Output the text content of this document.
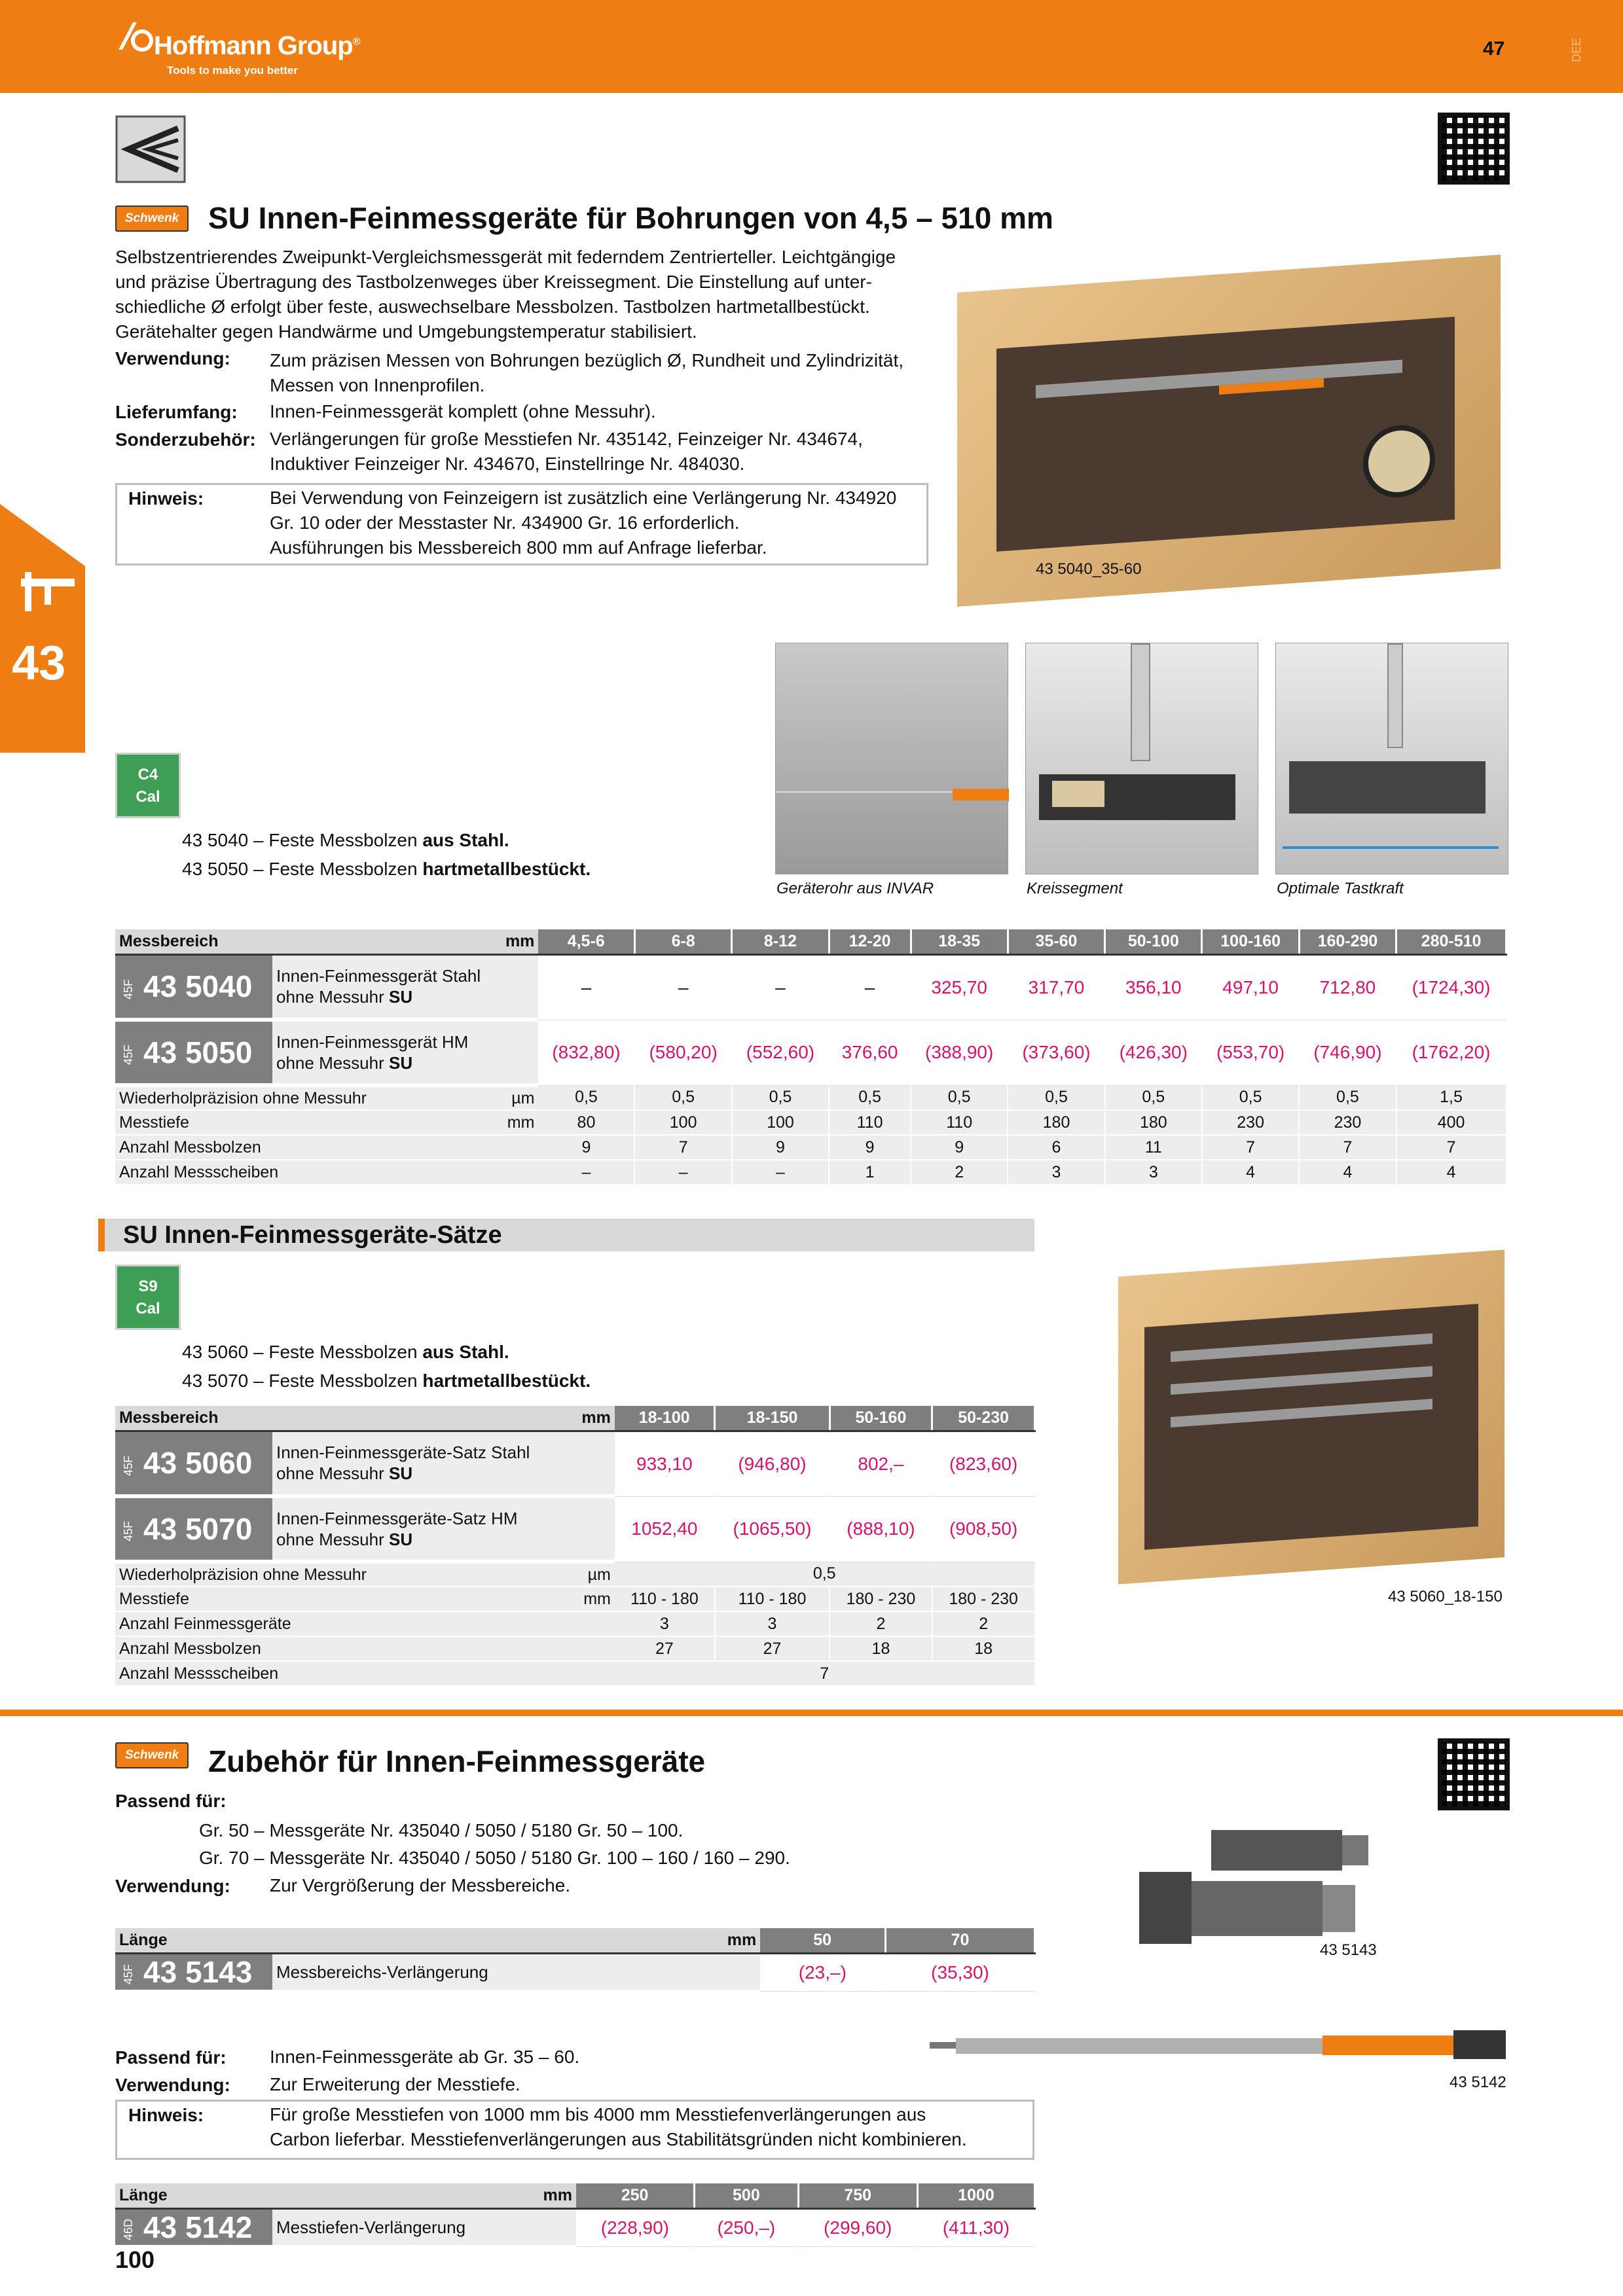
Hoffmann Group®
Tools to make you better
47	DEE
43
Schwenk SU Innen-Feinmessgeräte für Bohrungen von 4,5 – 510 mm
Selbstzentrierendes Zweipunkt-Vergleichsmessgerät mit federndem Zentrierteller. Leichtgängige
und präzise Übertragung des Tastbolzenweges über Kreissegment. Die Einstellung auf unter-
schiedliche Ø erfolgt über feste, auswechselbare Messbolzen. Tastbolzen hartmetallbestückt.
Gerätehalter gegen Handwärme und Umgebungstemperatur stabilisiert.
Verwendung: Zum präzisen Messen von Bohrungen bezüglich Ø, Rundheit und Zylindrizität,
Messen von Innenprofilen.
Lieferumfang: Innen-Feinmessgerät komplett (ohne Messuhr).
Sonderzubehör: Verlängerungen für große Messtiefen Nr. 435142, Feinzeiger Nr. 434674,
Induktiver Feinzeiger Nr. 434670, Einstellringe Nr. 484030.
Hinweis:	Bei Verwendung von Feinzeigern ist zusätzlich eine Verlängerung Nr. 434920
Gr. 10 oder der Messtaster Nr. 434900 Gr. 16 erforderlich.
Ausführungen bis Messbereich 800 mm auf Anfrage lieferbar.
43 5040_35-60
Geräterohr aus INVAR	Kreissegment	Optimale Tastkraft
C4
Cal
43 5040 – Feste Messbolzen aus Stahl.
43 5050 – Feste Messbolzen hartmetallbestückt.
Messbereich		mm	4,5-6	6-8	8-12	12-20	18-35	35-60	50-100	100-160	160-290	280-510
45F 43 5040	Innen-Feinmessgerät Stahl
ohne Messuhr SU		–	–	–	–	325,70	317,70	356,10	497,10	712,80	(1724,30)
45F 43 5050	Innen-Feinmessgerät HM
ohne Messuhr SU		(832,80)	(580,20)	(552,60)	376,60	(388,90)	(373,60)	(426,30)	(553,70)	(746,90)	(1762,20)
Wiederholpräzision ohne Messuhr		µm	0,5	0,5	0,5	0,5	0,5	0,5	0,5	0,5	0,5	1,5
Messtiefe		mm	80	100	100	110	110	180	180	230	230	400
Anzahl Messbolzen			9	7	9	9	9	6	11	7	7	7
Anzahl Messscheiben			–	–	–	1	2	3	3	4	4	4
SU Innen-Feinmessgeräte-Sätze
S9
Cal
43 5060 – Feste Messbolzen aus Stahl.
43 5070 – Feste Messbolzen hartmetallbestückt.
43 5060_18-150
Messbereich		mm	18-100	18-150	50-160	50-230
45F 43 5060	Innen-Feinmessgeräte-Satz Stahl
ohne Messuhr SU		933,10	(946,80)	802,–	(823,60)
45F 43 5070	Innen-Feinmessgeräte-Satz HM
ohne Messuhr SU		1052,40	(1065,50)	(888,10)	(908,50)
Wiederholpräzision ohne Messuhr		µm	0,5			
Messtiefe		mm	110 - 180	110 - 180	180 - 230	180 - 230
Anzahl Feinmessgeräte			3	3	2	2
Anzahl Messbolzen			27	27	18	18
Anzahl Messscheiben			7			
Schwenk Zubehör für Innen-Feinmessgeräte
Passend für:
Gr. 50 – Messgeräte Nr. 435040 / 5050 / 5180 Gr. 50 – 100.
Gr. 70 – Messgeräte Nr. 435040 / 5050 / 5180 Gr. 100 – 160 / 160 – 290.
Verwendung: Zur Vergrößerung der Messbereiche.
43 5143
Länge	mm	50	70
45F 43 5143	Messbereichs-Verlängerung	(23,–)	(35,30)
Passend für: Innen-Feinmessgeräte ab Gr. 35 – 60.
Verwendung: Zur Erweiterung der Messtiefe.
Hinweis:	Für große Messtiefen von 1000 mm bis 4000 mm Messtiefenverlängerungen aus
Carbon lieferbar. Messtiefenverlängerungen aus Stabilitätsgründen nicht kombinieren.
43 5142
Länge	mm	250	500	750	1000
46D 43 5142	Messtiefen-Verlängerung	(228,90)	(250,–)	(299,60)	(411,30)
100
